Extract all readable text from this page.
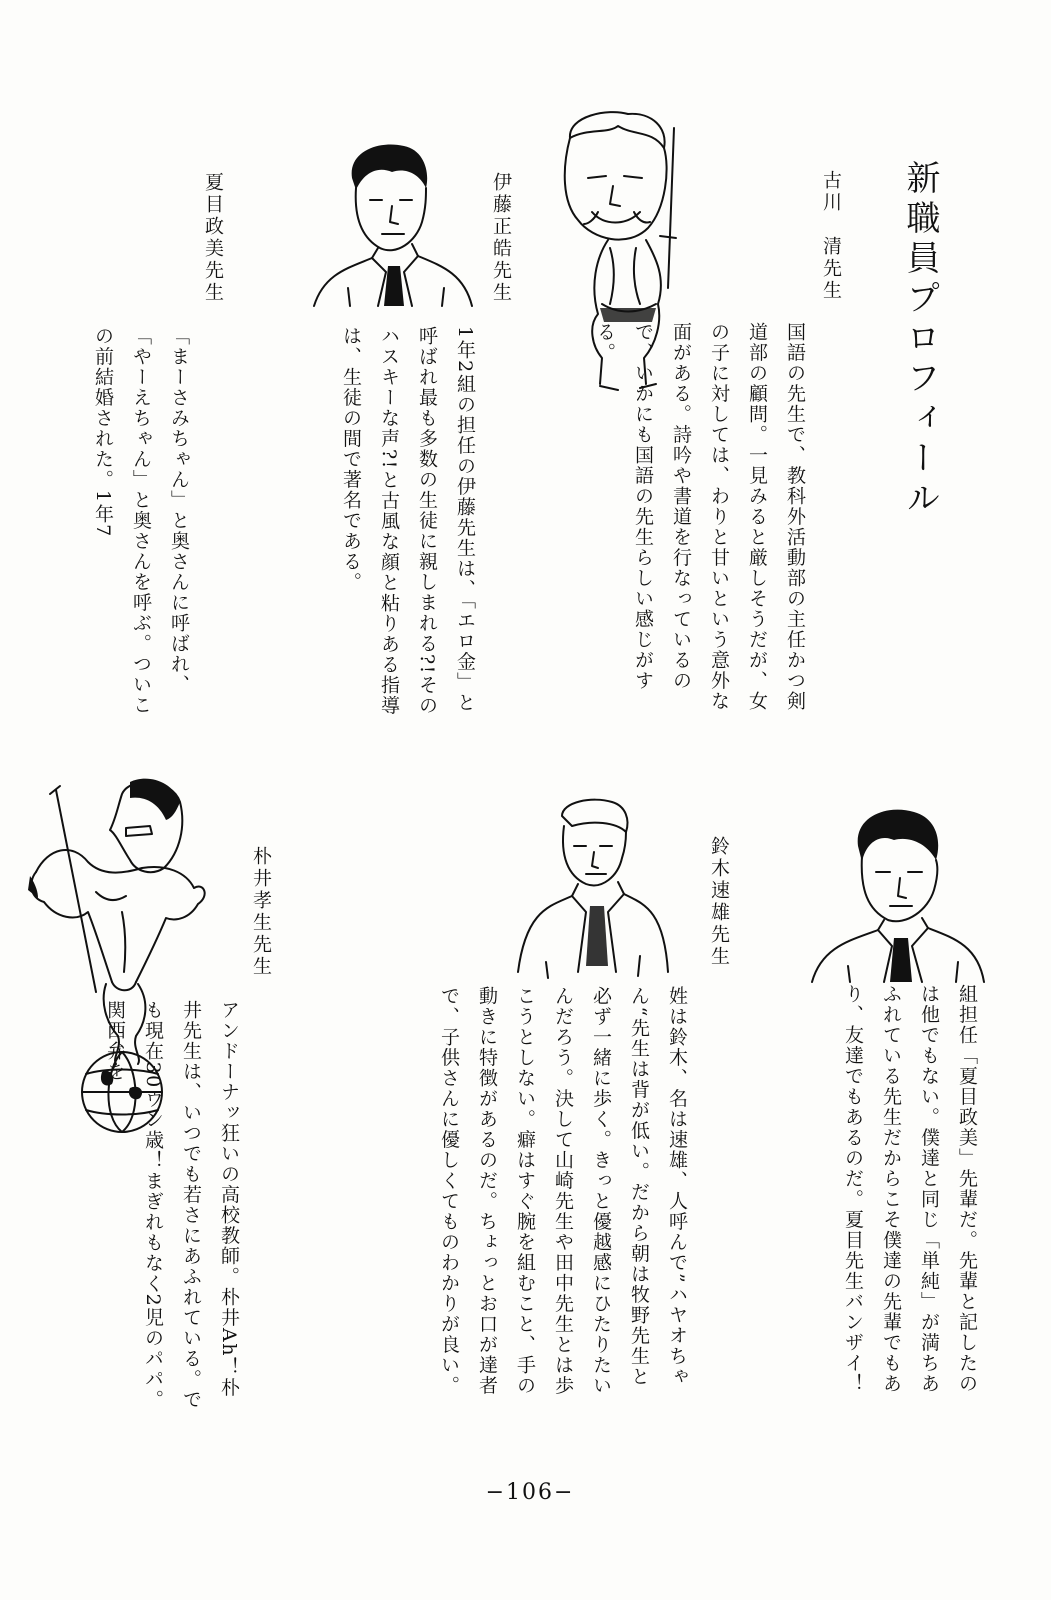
新職員プロフィール
古川　清先生
国語の先生で、教科外活動部の主任かつ剣道部の顧問。一見みると厳しそうだが、女の子に対しては、わりと甘いという意外な面がある。詩吟や書道を行なっているので、いかにも国語の先生らしい感じがする。
伊藤正皓先生
1年2組の担任の伊藤先生は、「エロ金」と呼ばれ最も多数の生徒に親しまれる?!そのハスキーな声?!と古風な顔と粘りある指導は、生徒の間で著名である。
夏目政美先生
「まーさみちゃん」と奥さんに呼ばれ、「やーえちゃん」と奥さんを呼ぶ。ついこの前結婚された。1年7
組担任「夏目政美」先輩だ。先輩と記したのは他でもない。僕達と同じ「単純」が満ちあふれている先生だからこそ僕達の先輩でもあり、友達でもあるのだ。夏目先生バンザイ！
鈴木速雄先生
姓は鈴木、名は速雄、人呼んで”ハヤオちゃん“先生は背が低い。だから朝は牧野先生と必ず一緒に歩く。きっと優越感にひたりたいんだろう。決して山崎先生や田中先生とは歩こうとしない。癖はすぐ腕を組むこと、手の動きに特徴があるのだ。ちょっとお口が達者で、子供さんに優しくてものわかりが良い。
朴井孝生先生
アンドーナッ狂いの高校教師。朴井Ah！朴井先生は、いつでも若さにあふれている。でも現在30ウン歳！まぎれもなく2児のパパ。関西弁を
−106−
